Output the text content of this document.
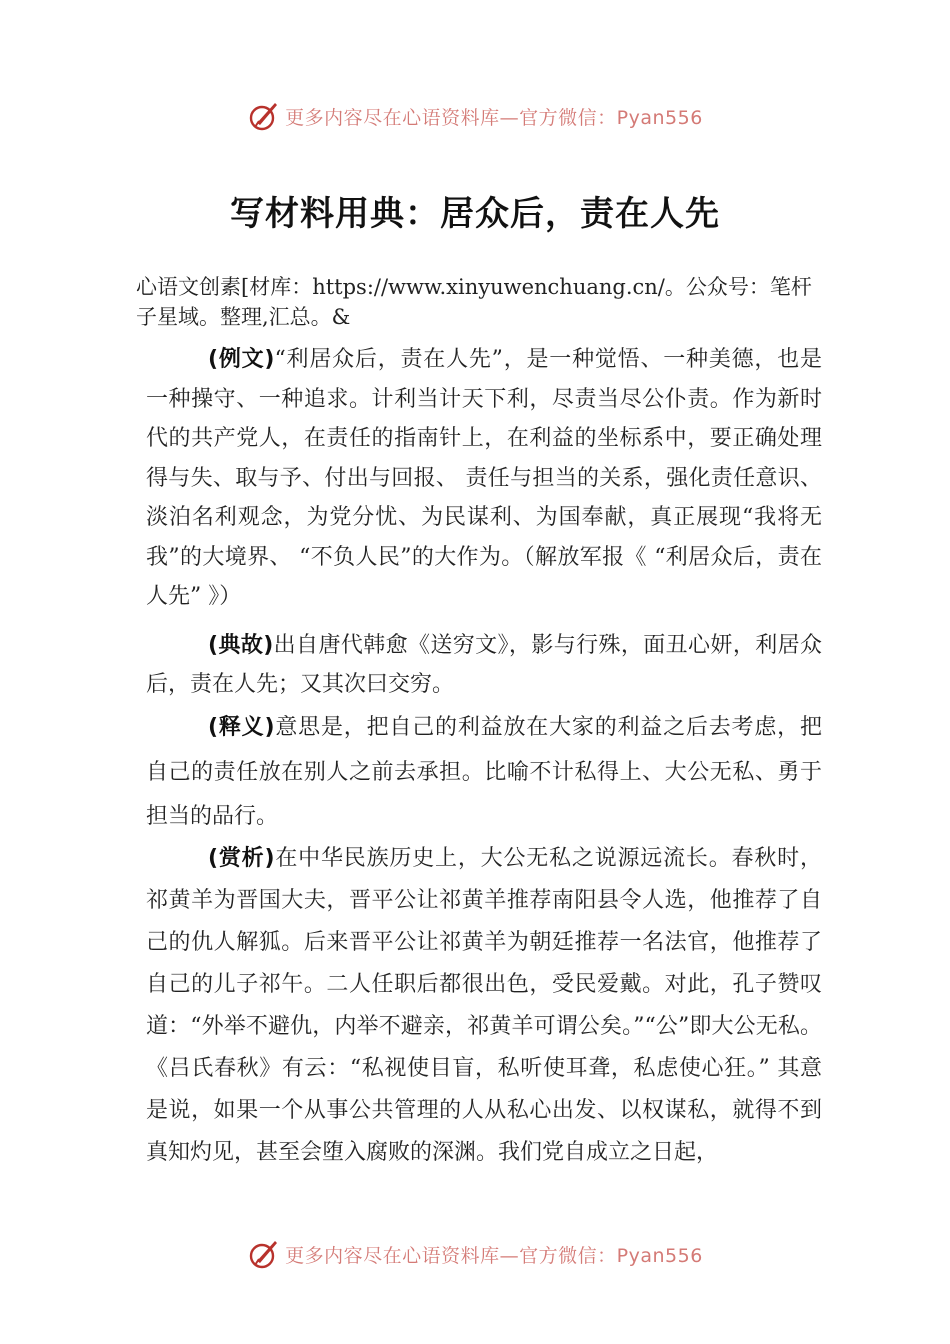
更多内容尽在心语资料库—官方微信：Pyan556
写材料用典：居众后，责在人先

心语文创素[材库：https://www.xinyuwenchuang.cn/。公众号：笔杆子星域。整理,汇总。&

(例文)“利居众后，责在人先”，是一种觉悟、一种美德，也是一种操守、一种追求。计利当计天下利，尽责当尽公仆责。作为新时代的共产党人，在责任的指南针上，在利益的坐标系中，要正确处理得与失、取与予、付出与回报、 责任与担当的关系，强化责任意识、淡泊名利观念，为党分忧、为民谋利、为国奉献，真正展现“我将无我”的大境界、 “不负人民”的大作为。（解放军报《 “利居众后，责在人先” 》）

(典故)出自唐代韩愈《送穷文》，影与行殊，面丑心妍，利居众后，责在人先；又其次曰交穷。

(释义)意思是，把自己的利益放在大家的利益之后去考虑，把自己的责任放在别人之前去承担。比喻不计私得上、大公无私、勇于担当的品行。

(赏析)在中华民族历史上，大公无私之说源远流长。春秋时，祁黄羊为晋国大夫，晋平公让祁黄羊推荐南阳县令人选，他推荐了自己的仇人解狐。后来晋平公让祁黄羊为朝廷推荐一名法官，他推荐了自己的儿子祁午。二人任职后都很出色，受民爱戴。对此，孔子赞叹道：“外举不避仇，内举不避亲，祁黄羊可谓公矣。”“公”即大公无私。《吕氏春秋》有云：“私视使目盲，私听使耳聋，私虑使心狂。” 其意是说，如果一个从事公共管理的人从私心出发、以权谋私，就得不到真知灼见，甚至会堕入腐败的深渊。我们党自成立之日起，

更多内容尽在心语资料库—官方微信：Pyan556
